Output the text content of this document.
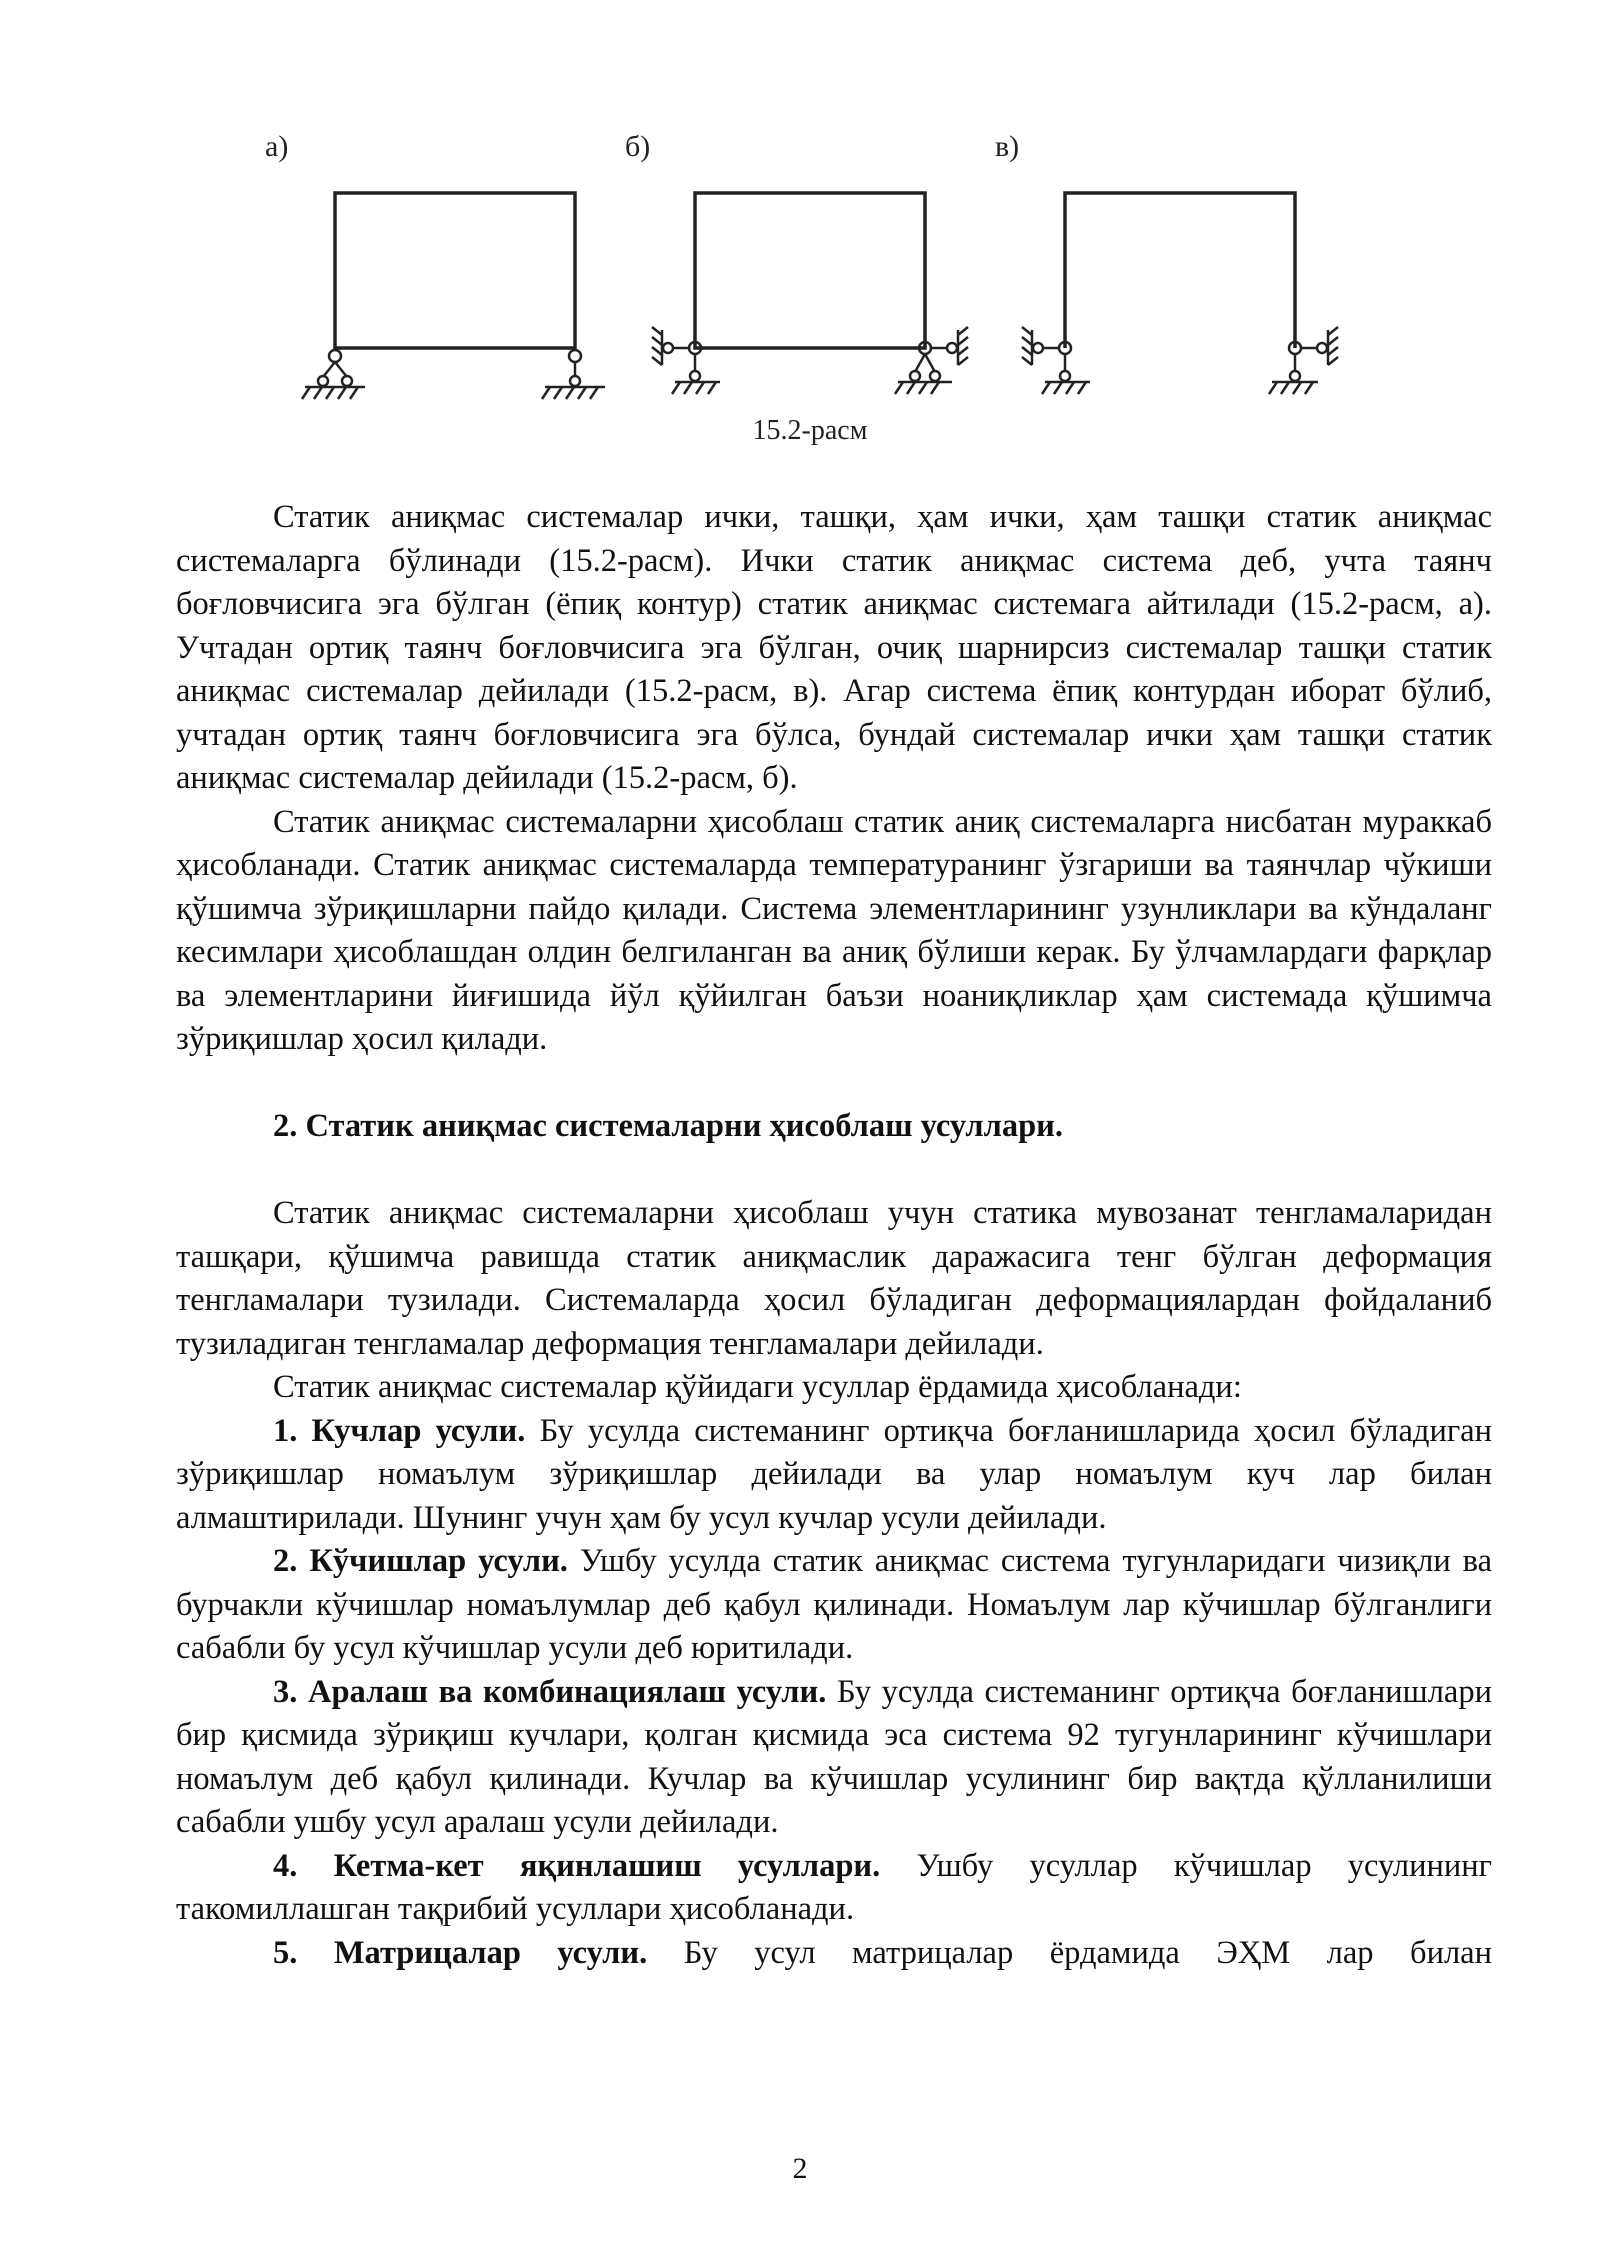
а)	б)	в)
15.2-расм

Статик аниқмас системалар ички, ташқи, ҳам ички, ҳам ташқи статик аниқмас системаларга бўлинади (15.2-расм). Ички статик аниқмас система деб, учта таянч боғловчисига эга бўлган (ёпиқ контур) статик аниқмас системага айтилади (15.2-расм, а). Учтадан ортиқ таянч боғловчисига эга бўлган, очиқ шарнирсиз системалар ташқи статик аниқмас системалар дейилади (15.2-расм, в). Агар система ёпиқ контурдан иборат бўлиб, учтадан ортиқ таянч боғловчисига эга бўлса, бундай системалар ички ҳам ташқи статик аниқмас системалар дейилади (15.2-расм, б).

Статик аниқмас системаларни ҳисоблаш статик аниқ системаларга нисбатан мураккаб ҳисобланади. Статик аниқмас системаларда температуранинг ўзгариши ва таянчлар чўкиши қўшимча зўриқишларни пайдо қилади. Система элементларининг узунликлари ва кўндаланг кесимлари ҳисоблашдан олдин белгиланган ва аниқ бўлиши керак. Бу ўлчамлардаги фарқлар ва элементларини йиғишида йўл қўйилган баъзи ноаниқликлар ҳам системада қўшимча зўриқишлар ҳосил қилади.

2. Статик аниқмас системаларни ҳисоблаш усуллари.

Статик аниқмас системаларни ҳисоблаш учун статика мувозанат тенгламаларидан ташқари, қўшимча равишда статик аниқмаслик даражасига тенг бўлган деформация тенгламалари тузилади. Системаларда ҳосил бўладиган деформациялардан фойдаланиб тузиладиган тенгламалар деформация тенгламалари дейилади.

Статик аниқмас системалар қўйидаги усуллар ёрдамида ҳисобланади:

1. Кучлар усули. Бу усулда системанинг ортиқча боғланишларида ҳосил бўладиган зўриқишлар номаълум зўриқишлар дейилади ва улар номаълум куч лар билан алмаштирилади. Шунинг учун ҳам бу усул кучлар усули дейилади.

2. Кўчишлар усули. Ушбу усулда статик аниқмас система тугунларидаги чизиқли ва бурчакли кўчишлар номаълумлар деб қабул қилинади. Номаълум лар кўчишлар бўлганлиги сабабли бу усул кўчишлар усули деб юритилади.

3. Аралаш ва комбинациялаш усули. Бу усулда системанинг ортиқча боғланишлари бир қисмида зўриқиш кучлари, қолган қисмида эса система 92 тугунларининг кўчишлари номаълум деб қабул қилинади. Кучлар ва кўчишлар усулининг бир вақтда қўлланилиши сабабли ушбу усул аралаш усули дейилади.

4. Кетма-кет яқинлашиш усуллари. Ушбу усуллар кўчишлар усулининг такомиллашган тақрибий усуллари ҳисобланади.

5. Матрицалар усули. Бу усул матрицалар ёрдамида ЭҲМ лар билан

2
